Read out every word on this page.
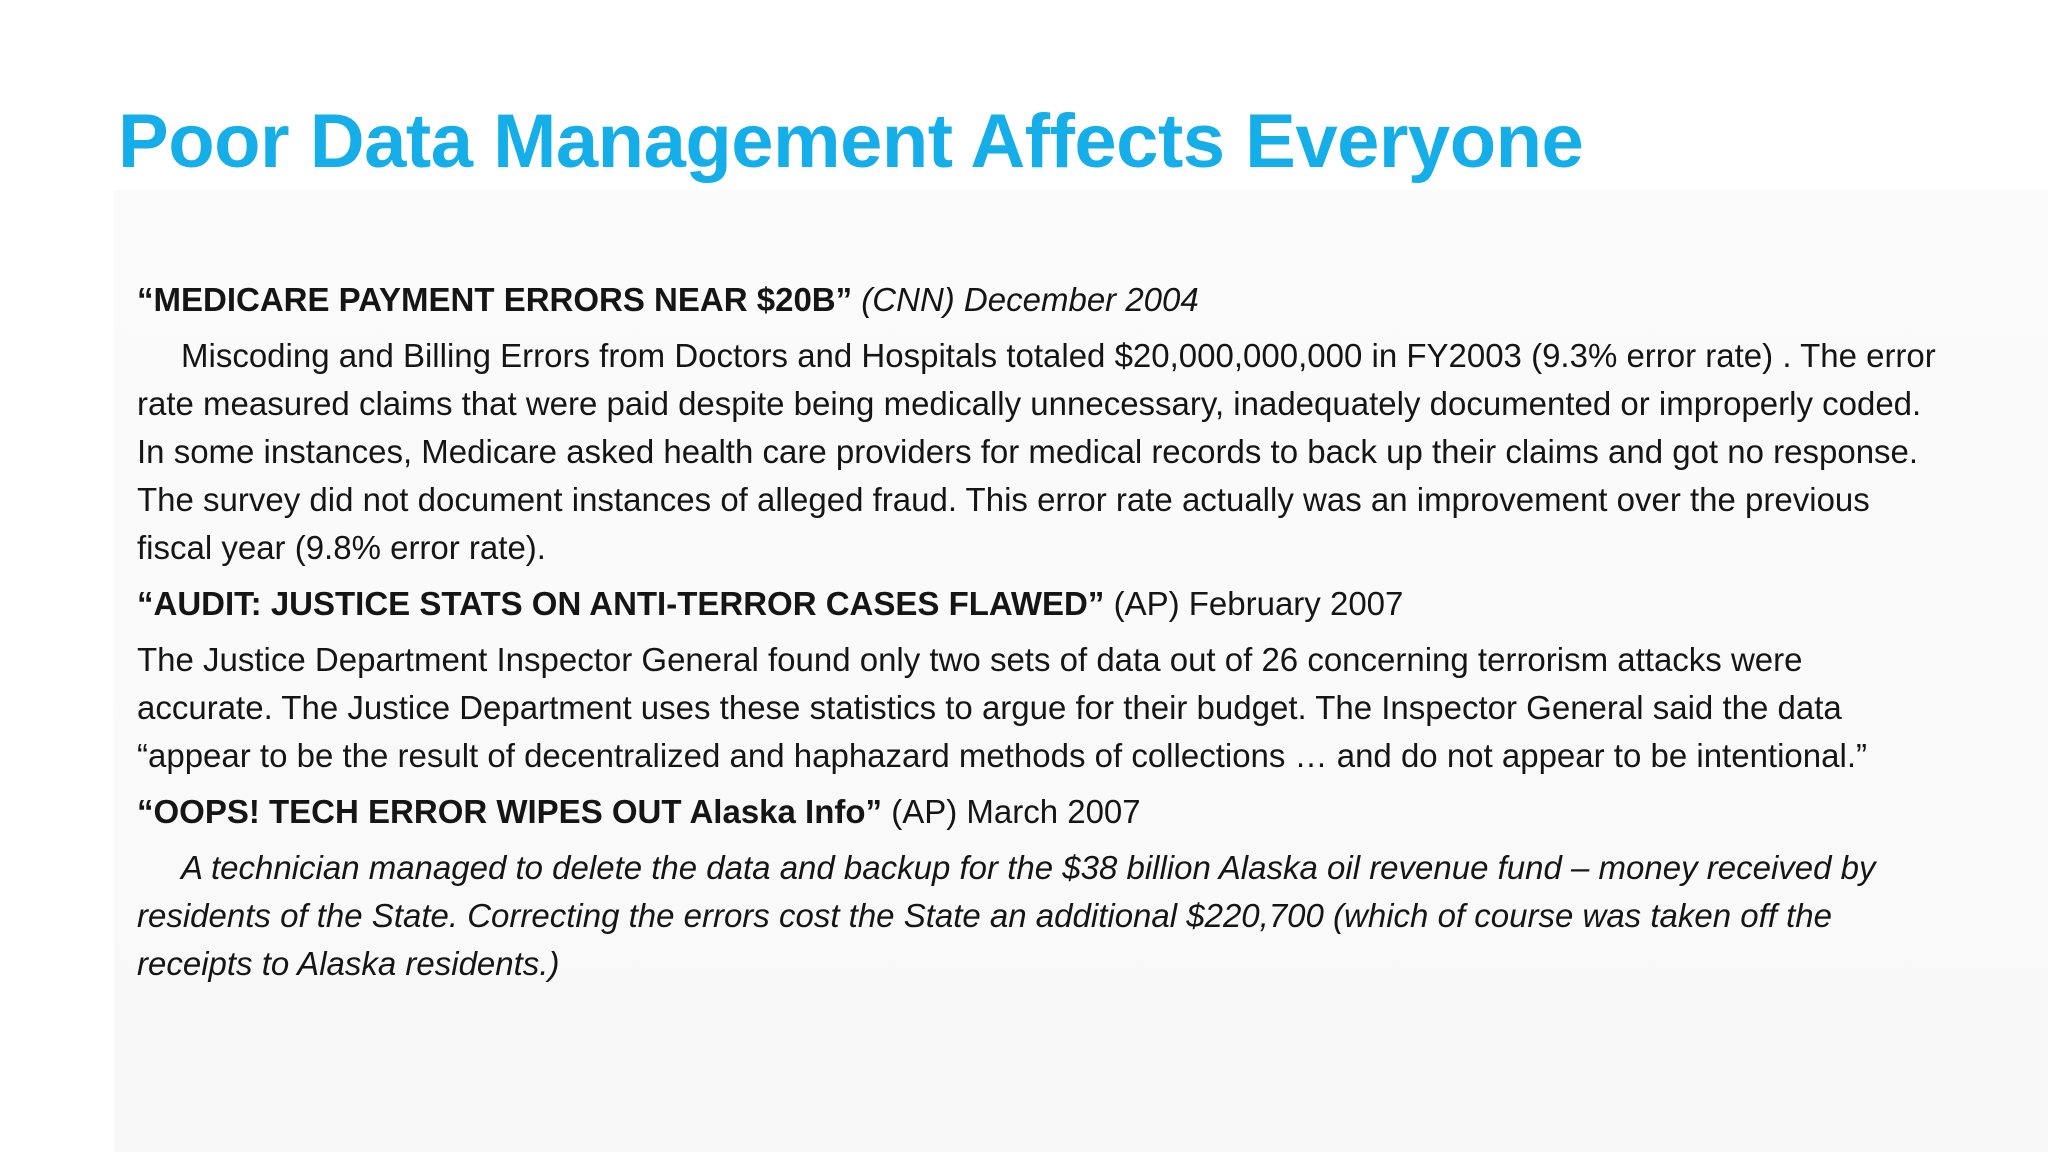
Poor Data Management Affects Everyone

“MEDICARE PAYMENT ERRORS NEAR $20B” (CNN) December 2004

Miscoding and Billing Errors from Doctors and Hospitals totaled $20,000,000,000 in FY2003 (9.3% error rate) . The error rate measured claims that were paid despite being medically unnecessary, inadequately documented or improperly coded. In some instances, Medicare asked health care providers for medical records to back up their claims and got no response. The survey did not document instances of alleged fraud. This error rate actually was an improvement over the previous fiscal year (9.8% error rate).

“AUDIT: JUSTICE STATS ON ANTI-TERROR CASES FLAWED” (AP) February 2007

The Justice Department Inspector General found only two sets of data out of 26 concerning terrorism attacks were accurate. The Justice Department uses these statistics to argue for their budget. The Inspector General said the data “appear to be the result of decentralized and haphazard methods of collections … and do not appear to be intentional.”

“OOPS! TECH ERROR WIPES OUT Alaska Info” (AP) March 2007

A technician managed to delete the data and backup for the $38 billion Alaska oil revenue fund – money received by residents of the State. Correcting the errors cost the State an additional $220,700 (which of course was taken off the receipts to Alaska residents.)
